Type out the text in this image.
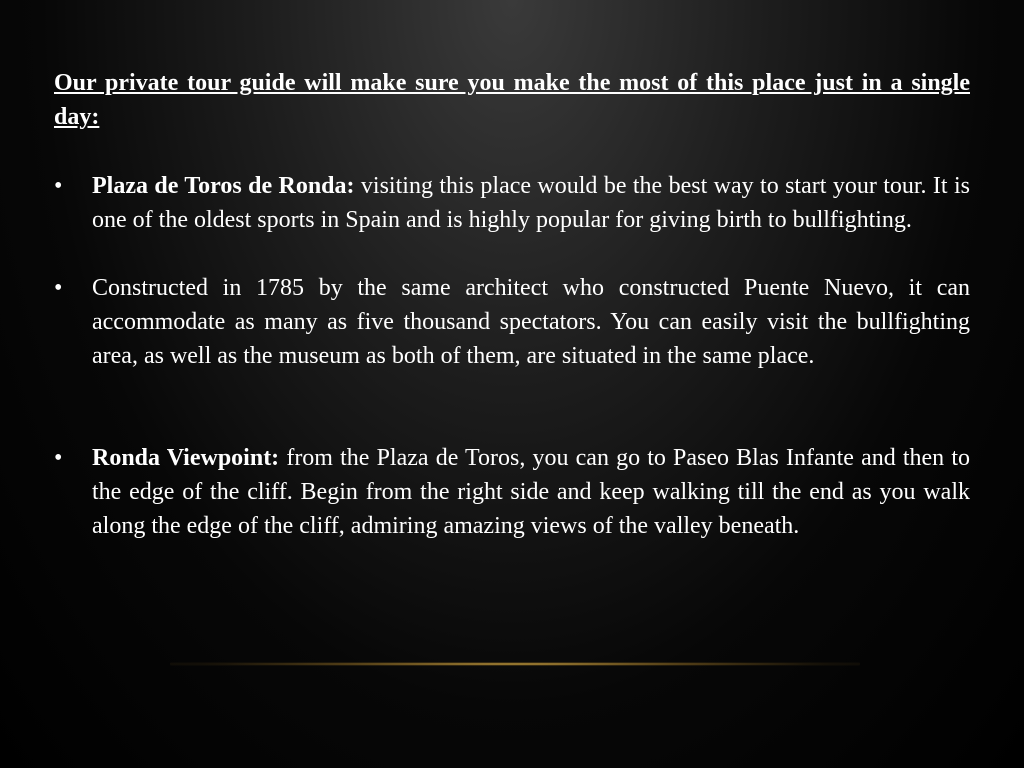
Our private tour guide will make sure you make the most of this place just in a single day:

•	Plaza de Toros de Ronda: visiting this place would be the best way to start your tour. It is one of the oldest sports in Spain and is highly popular for giving birth to bullfighting.
•	Constructed in 1785 by the same architect who constructed Puente Nuevo, it can accommodate as many as five thousand spectators. You can easily visit the bullfighting area, as well as the museum as both of them, are situated in the same place.
•	Ronda Viewpoint: from the Plaza de Toros, you can go to Paseo Blas Infante and then to the edge of the cliff. Begin from the right side and keep walking till the end as you walk along the edge of the cliff, admiring amazing views of the valley beneath.
